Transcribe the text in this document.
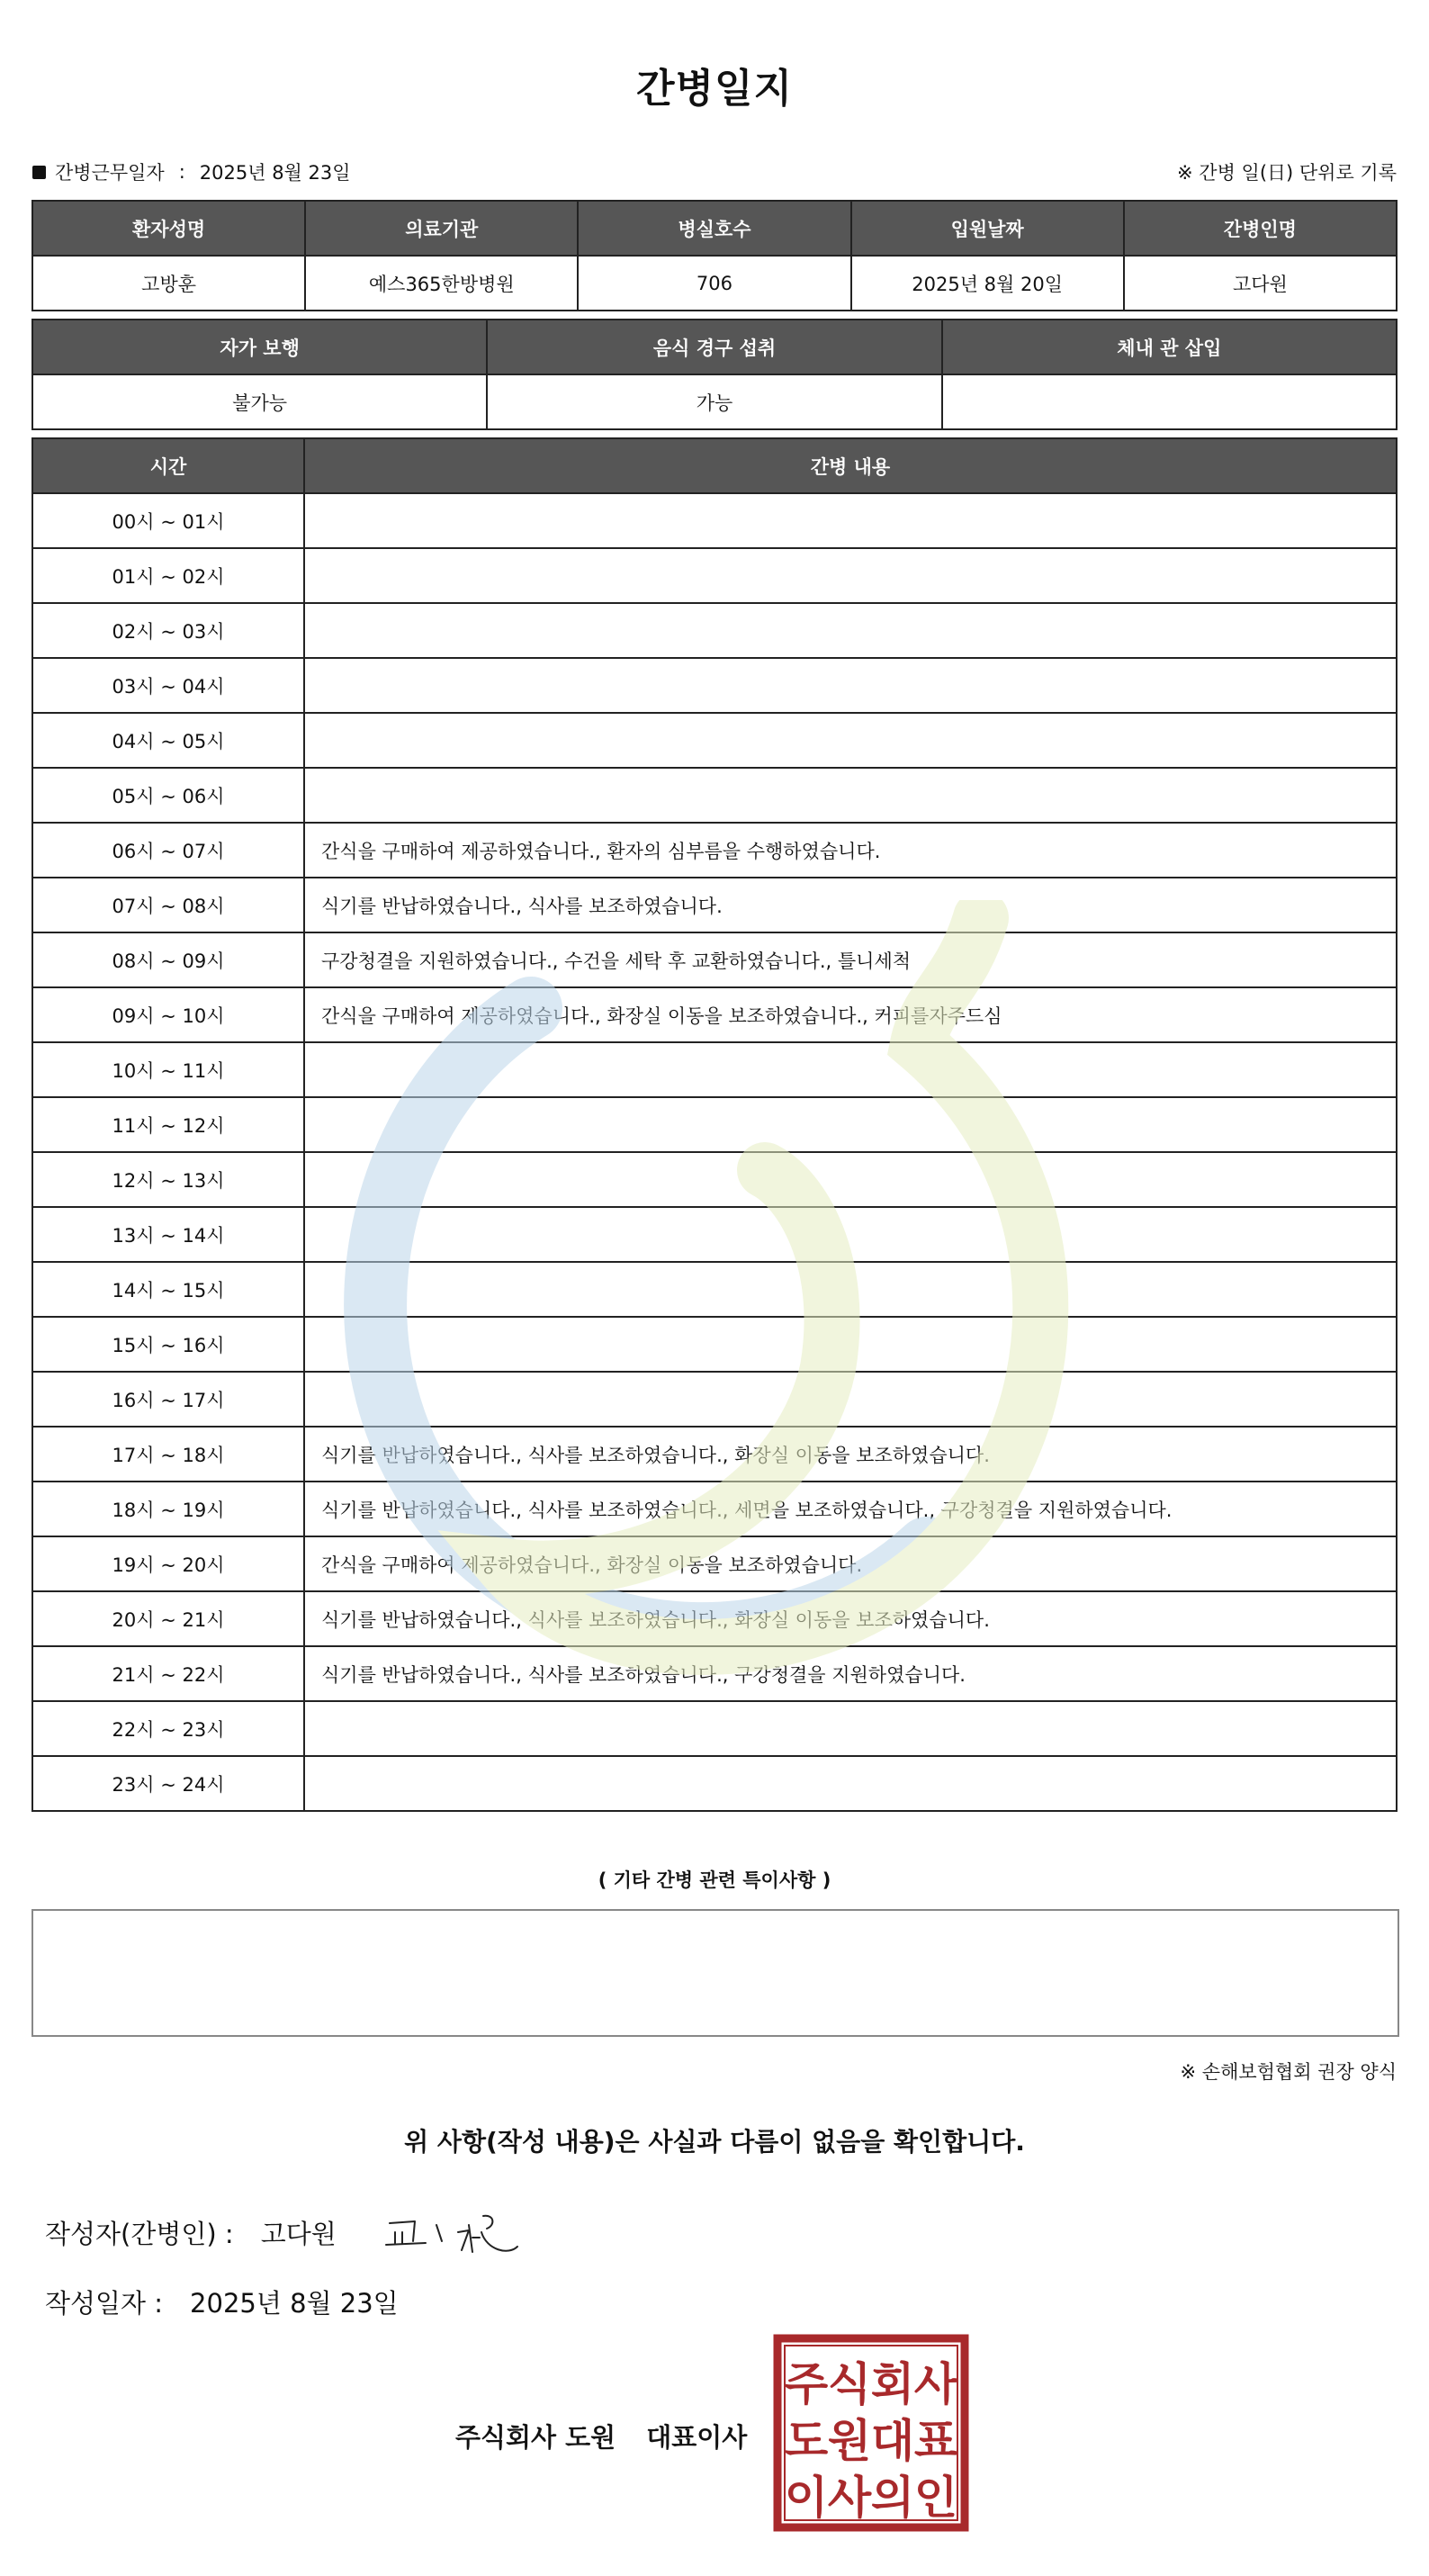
간병일지
간병근무일자 : 2025년 8월 23일	※ 간병 일(日) 단위로 기록
환자성명	의료기관	병실호수	입원날짜	간병인명
고방훈	예스365한방병원	706	2025년 8월 20일	고다원
자가 보행	음식 경구 섭취	체내 관 삽입
불가능	가능	
시간	간병 내용
00시 ~ 01시	
01시 ~ 02시	
02시 ~ 03시	
03시 ~ 04시	
04시 ~ 05시	
05시 ~ 06시	
06시 ~ 07시	간식을 구매하여 제공하였습니다., 환자의 심부름을 수행하였습니다.
07시 ~ 08시	식기를 반납하였습니다., 식사를 보조하였습니다.
08시 ~ 09시	구강청결을 지원하였습니다., 수건을 세탁 후 교환하였습니다., 틀니세척
09시 ~ 10시	간식을 구매하여 제공하였습니다., 화장실 이동을 보조하였습니다., 커피를자주드심
10시 ~ 11시	
11시 ~ 12시	
12시 ~ 13시	
13시 ~ 14시	
14시 ~ 15시	
15시 ~ 16시	
16시 ~ 17시	
17시 ~ 18시	식기를 반납하였습니다., 식사를 보조하였습니다., 화장실 이동을 보조하였습니다.
18시 ~ 19시	식기를 반납하였습니다., 식사를 보조하였습니다., 세면을 보조하였습니다., 구강청결을 지원하였습니다.
19시 ~ 20시	간식을 구매하여 제공하였습니다., 화장실 이동을 보조하였습니다.
20시 ~ 21시	식기를 반납하였습니다., 식사를 보조하였습니다., 화장실 이동을 보조하였습니다.
21시 ~ 22시	식기를 반납하였습니다., 식사를 보조하였습니다., 구강청결을 지원하였습니다.
22시 ~ 23시	
23시 ~ 24시	
( 기타 간병 관련 특이사항 )
※ 손해보험협회 권장 양식
위 사항(작성 내용)은 사실과 다름이 없음을 확인합니다.
작성자(간병인) : 고다원
작성일자 : 2025년 8월 23일
주식회사 도원 대표이사
주 식 회 사
도 원 대 표
이 사 의 인
